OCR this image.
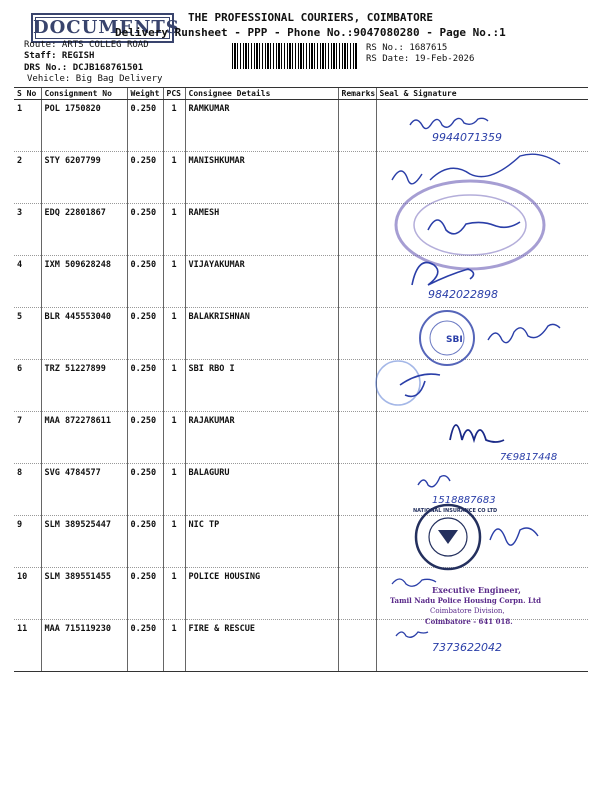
DOCUMENTS THE PROFESSIONAL COURIERS, COIMBATORE
Delivery Runsheet - PPP - Phone No.:9047080280 - Page No.:1
Route: ARTS COLLEG ROAD
Staff: REGISH
DRS No.: DCJB168761501
Vehicle: Big Bag Delivery
RS No.: 1687615
RS Date: 19-Feb-2026
S No	Consignment No	Weight	PCS	Consignee Details	Remarks	Seal & Signature
1	POL 1750820	0.250	1	RAMKUMAR		
2	STY 6207799	0.250	1	MANISHKUMAR		
3	EDQ 22801867	0.250	1	RAMESH		
4	IXM 509628248	0.250	1	VIJAYAKUMAR		
5	BLR 445553040	0.250	1	BALAKRISHNAN		
6	TRZ 51227899	0.250	1	SBI RBO I		
7	MAA 872278611	0.250	1	RAJAKUMAR		
8	SVG 4784577	0.250	1	BALAGURU		
9	SLM 389525447	0.250	1	NIC TP		
10	SLM 389551455	0.250	1	POLICE HOUSING		
11	MAA 715119230	0.250	1	FIRE & RESCUE		
9944071359
9842022898
SBI
7€9817448
1518887683
NATIONAL INSURANCE CO LTD
Executive Engineer,
Tamil Nadu Police Housing Corpn. Ltd
Coimbatore Division,
Coimbatore - 641 018.
7373622042
